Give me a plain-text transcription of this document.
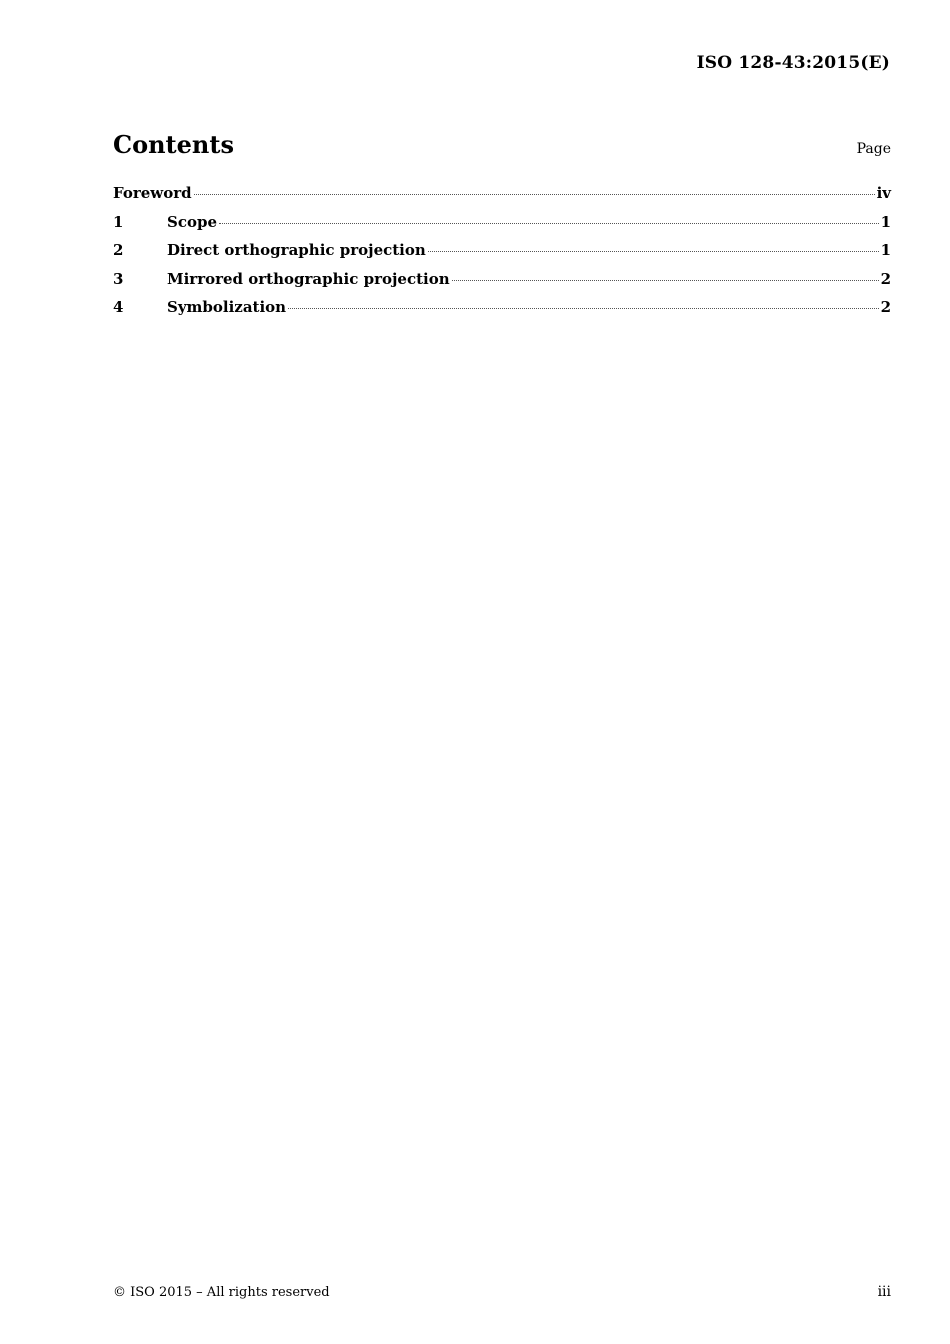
ISO 128-43:2015(E)
Contents	Page
Foreword	iv
1	Scope	1
2	Direct orthographic projection	1
3	Mirrored orthographic projection	2
4	Symbolization	2
© ISO 2015 – All rights reserved	iii
